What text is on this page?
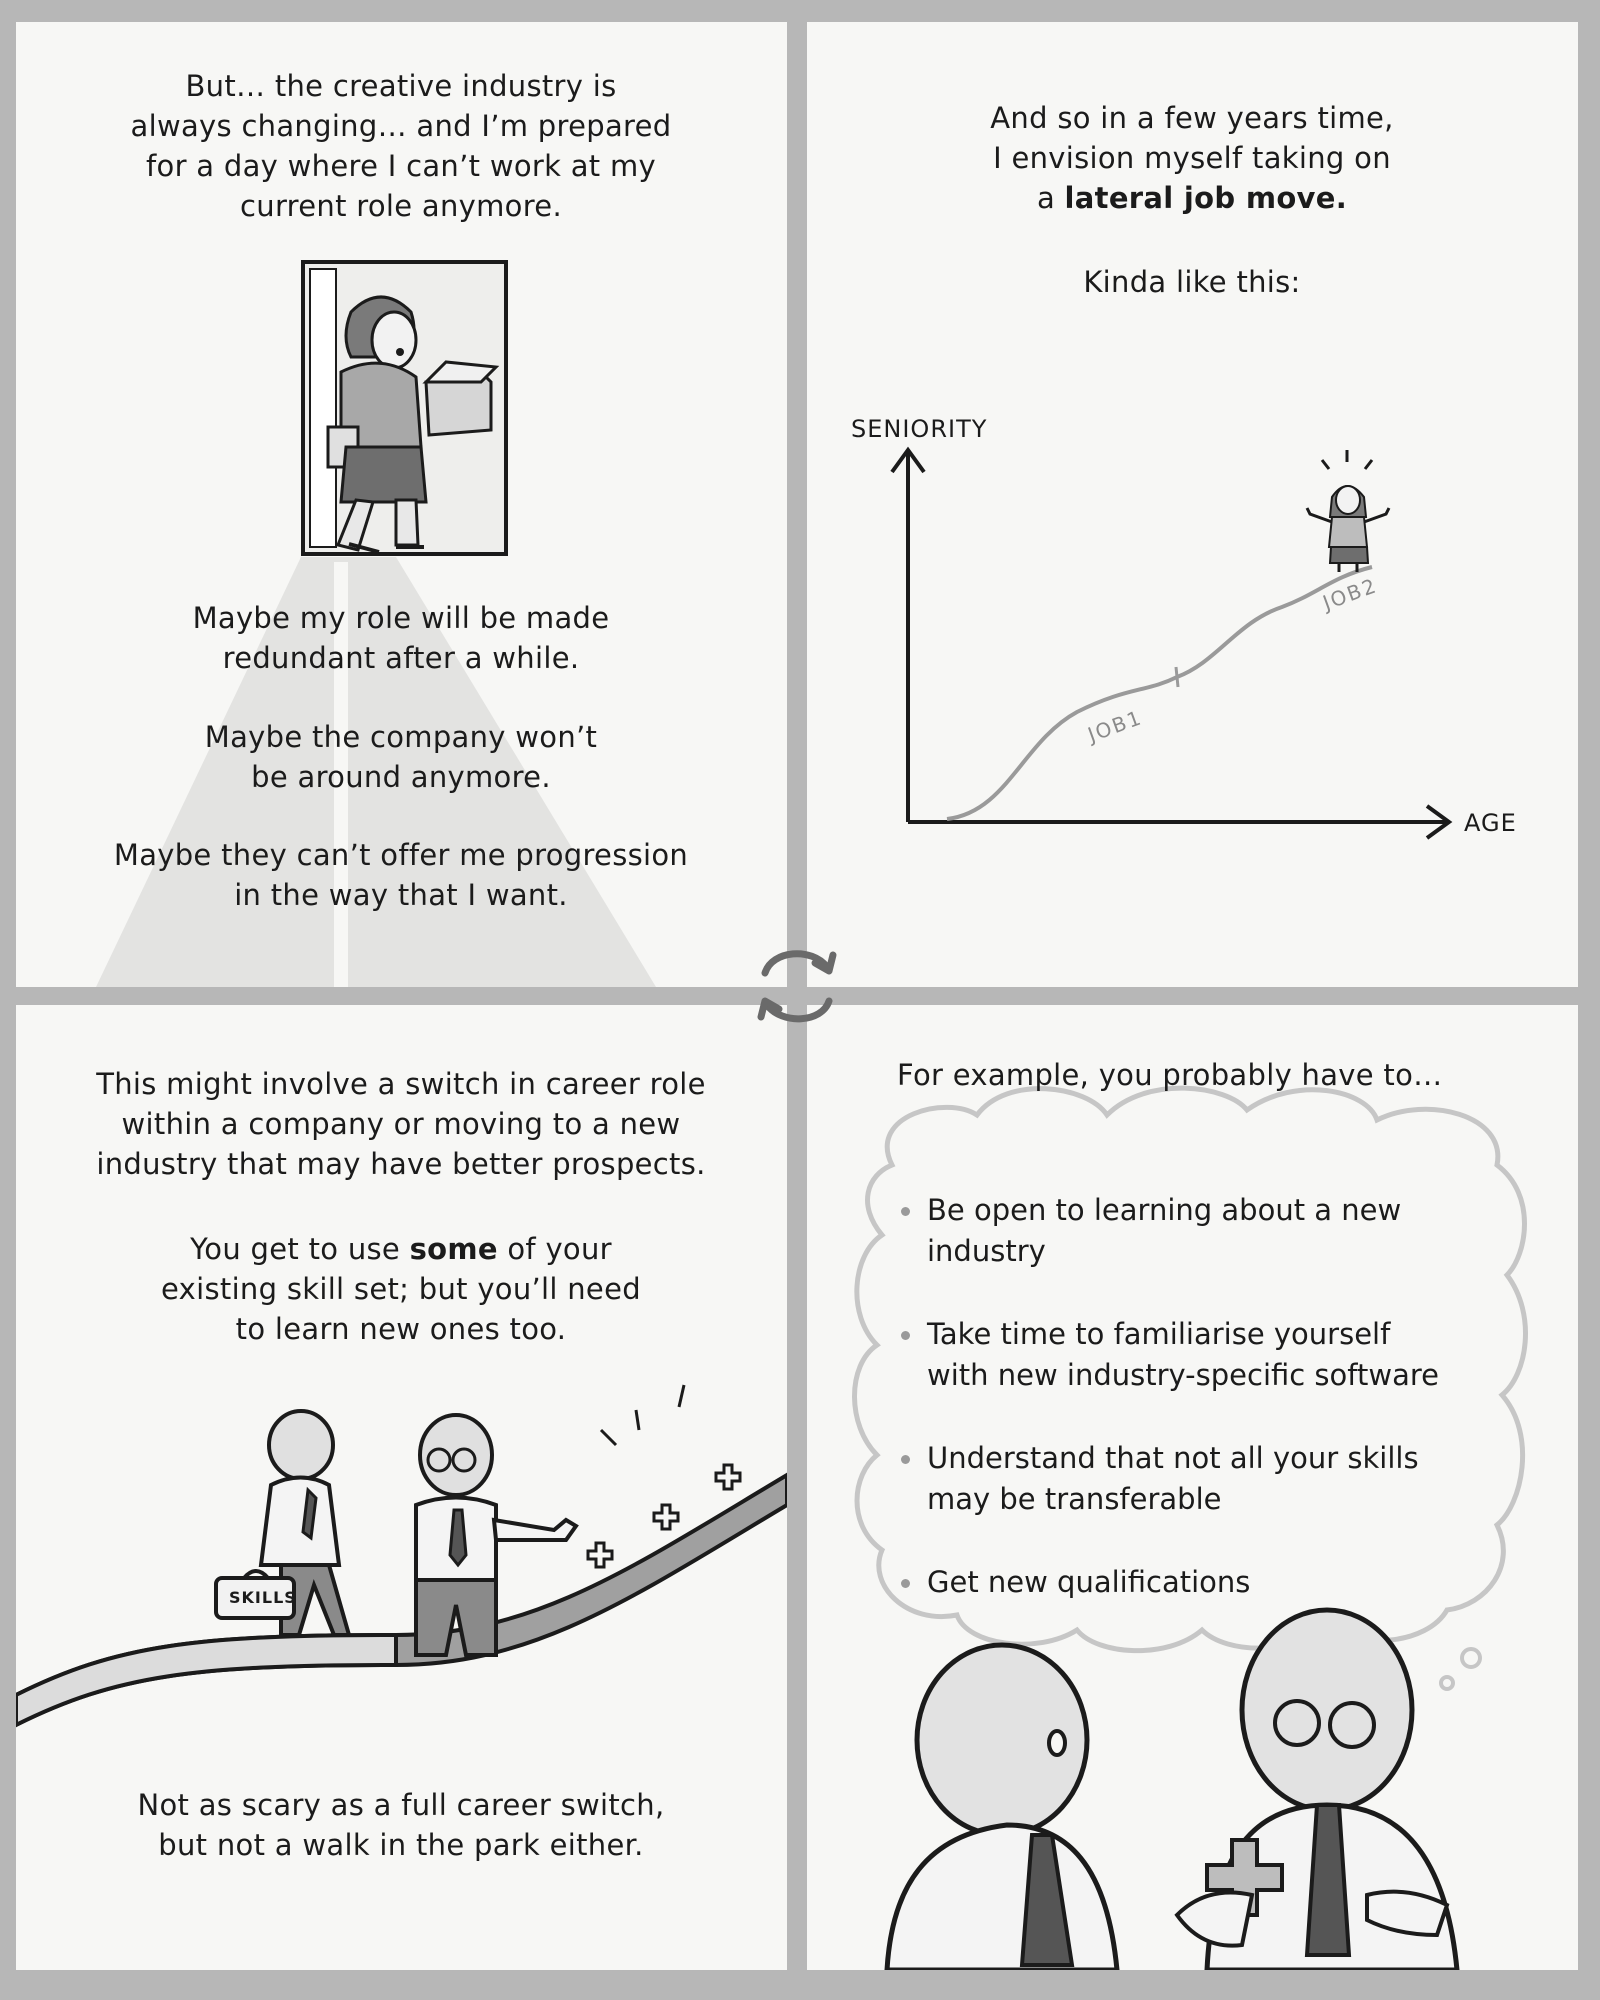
But… the creative industry is

always changing… and I’m prepared

for a day where I can’t work at my

current role anymore.

Maybe my role will be made

redundant after a while.

Maybe the company won’t

be around anymore.

Maybe they can’t offer me progression

in the way that I want.

And so in a few years time,

I envision myself taking on

a lateral job move.

Kinda like this:
SENIORITY
AGE
JOB1
JOB2

This might involve a switch in career role

within a company or moving to a new

industry that may have better prospects.

You get to use some of your

existing skill set; but you’ll need

to learn new ones too.

SKILLS

Not as scary as a full career switch,

but not a walk in the park either.

For example, you probably have to…
Be open to learning about a new
industry
Take time to familiarise yourself
with new industry-specific software
Understand that not all your skills
may be transferable
Get new qualifications
